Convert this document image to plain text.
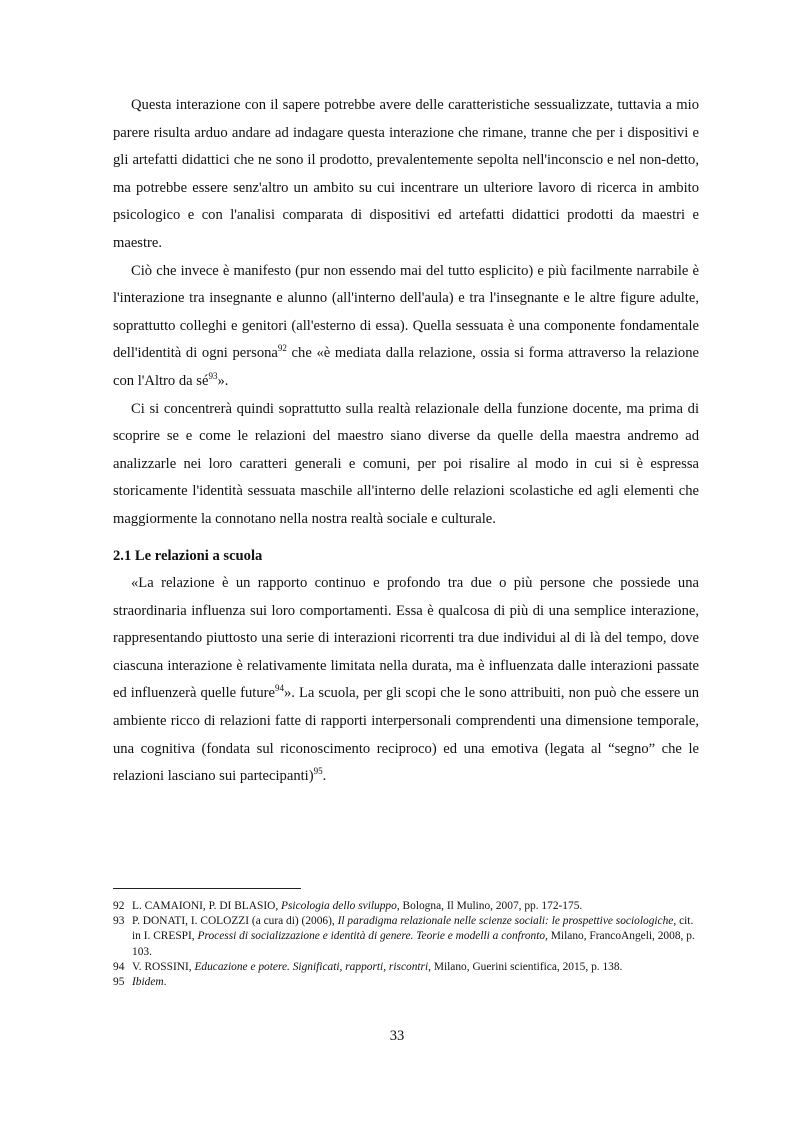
Questa interazione con il sapere potrebbe avere delle caratteristiche sessualizzate, tuttavia a mio parere risulta arduo andare ad indagare questa interazione che rimane, tranne che per i dispositivi e gli artefatti didattici che ne sono il prodotto, prevalentemente sepolta nell'inconscio e nel non-detto, ma potrebbe essere senz'altro un ambito su cui incentrare un ulteriore lavoro di ricerca in ambito psicologico e con l'analisi comparata di dispositivi ed artefatti didattici prodotti da maestri e maestre.

Ciò che invece è manifesto (pur non essendo mai del tutto esplicito) e più facilmente narrabile è l'interazione tra insegnante e alunno (all'interno dell'aula) e tra l'insegnante e le altre figure adulte, soprattutto colleghi e genitori (all'esterno di essa). Quella sessuata è una componente fondamentale dell'identità di ogni persona$^{92}$ che «è mediata dalla relazione, ossia si forma attraverso la relazione con l'Altro da $sé^{93}$».

Ci si concentrerà quindi soprattutto sulla realtà relazionale della funzione docente, ma prima di scoprire se e come le relazioni del maestro siano diverse da quelle della maestra andremo ad analizzarle nei loro caratteri generali e comuni, per poi risalire al modo in cui si è espressa storicamente l'identità sessuata maschile all'interno delle relazioni scolastiche ed agli elementi che maggiormente la connotano nella nostra realtà sociale e culturale.

2.1 Le relazioni a scuola

«La relazione è un rapporto continuo e profondo tra due o più persone che possiede una straordinaria influenza sui loro comportamenti. Essa è qualcosa di più di una semplice interazione, rappresentando piuttosto una serie di interazioni ricorrenti tra due individui al di là del tempo, dove ciascuna interazione è relativamente limitata nella durata, ma è influenzata dalle interazioni passate ed influenzerà quelle future$^{94}$». La scuola, per gli scopi che le sono attribuiti, non può che essere un ambiente ricco di relazioni fatte di rapporti interpersonali comprendenti una dimensione temporale, una cognitiva (fondata sul riconoscimento reciproco) ed una emotiva (legata al “segno” che le relazioni lasciano sui partecipanti)$^{95}$.

92 L. CAMAIONI, P. DI BLASIO, Psicologia dello sviluppo, Bologna, Il Mulino, 2007, pp. 172-175.
93 P. DONATI, I. COLOZZI (a cura di) (2006), Il paradigma relazionale nelle scienze sociali: le prospettive sociologiche, cit. in I. CRESPI, Processi di socializzazione e identità di genere. Teorie e modelli a confronto, Milano, FrancoAngeli, 2008, p. 103.
94 V. ROSSINI, Educazione e potere. Significati, rapporti, riscontri, Milano, Guerini scientifica, 2015, p. 138.
95 Ibidem.
33
